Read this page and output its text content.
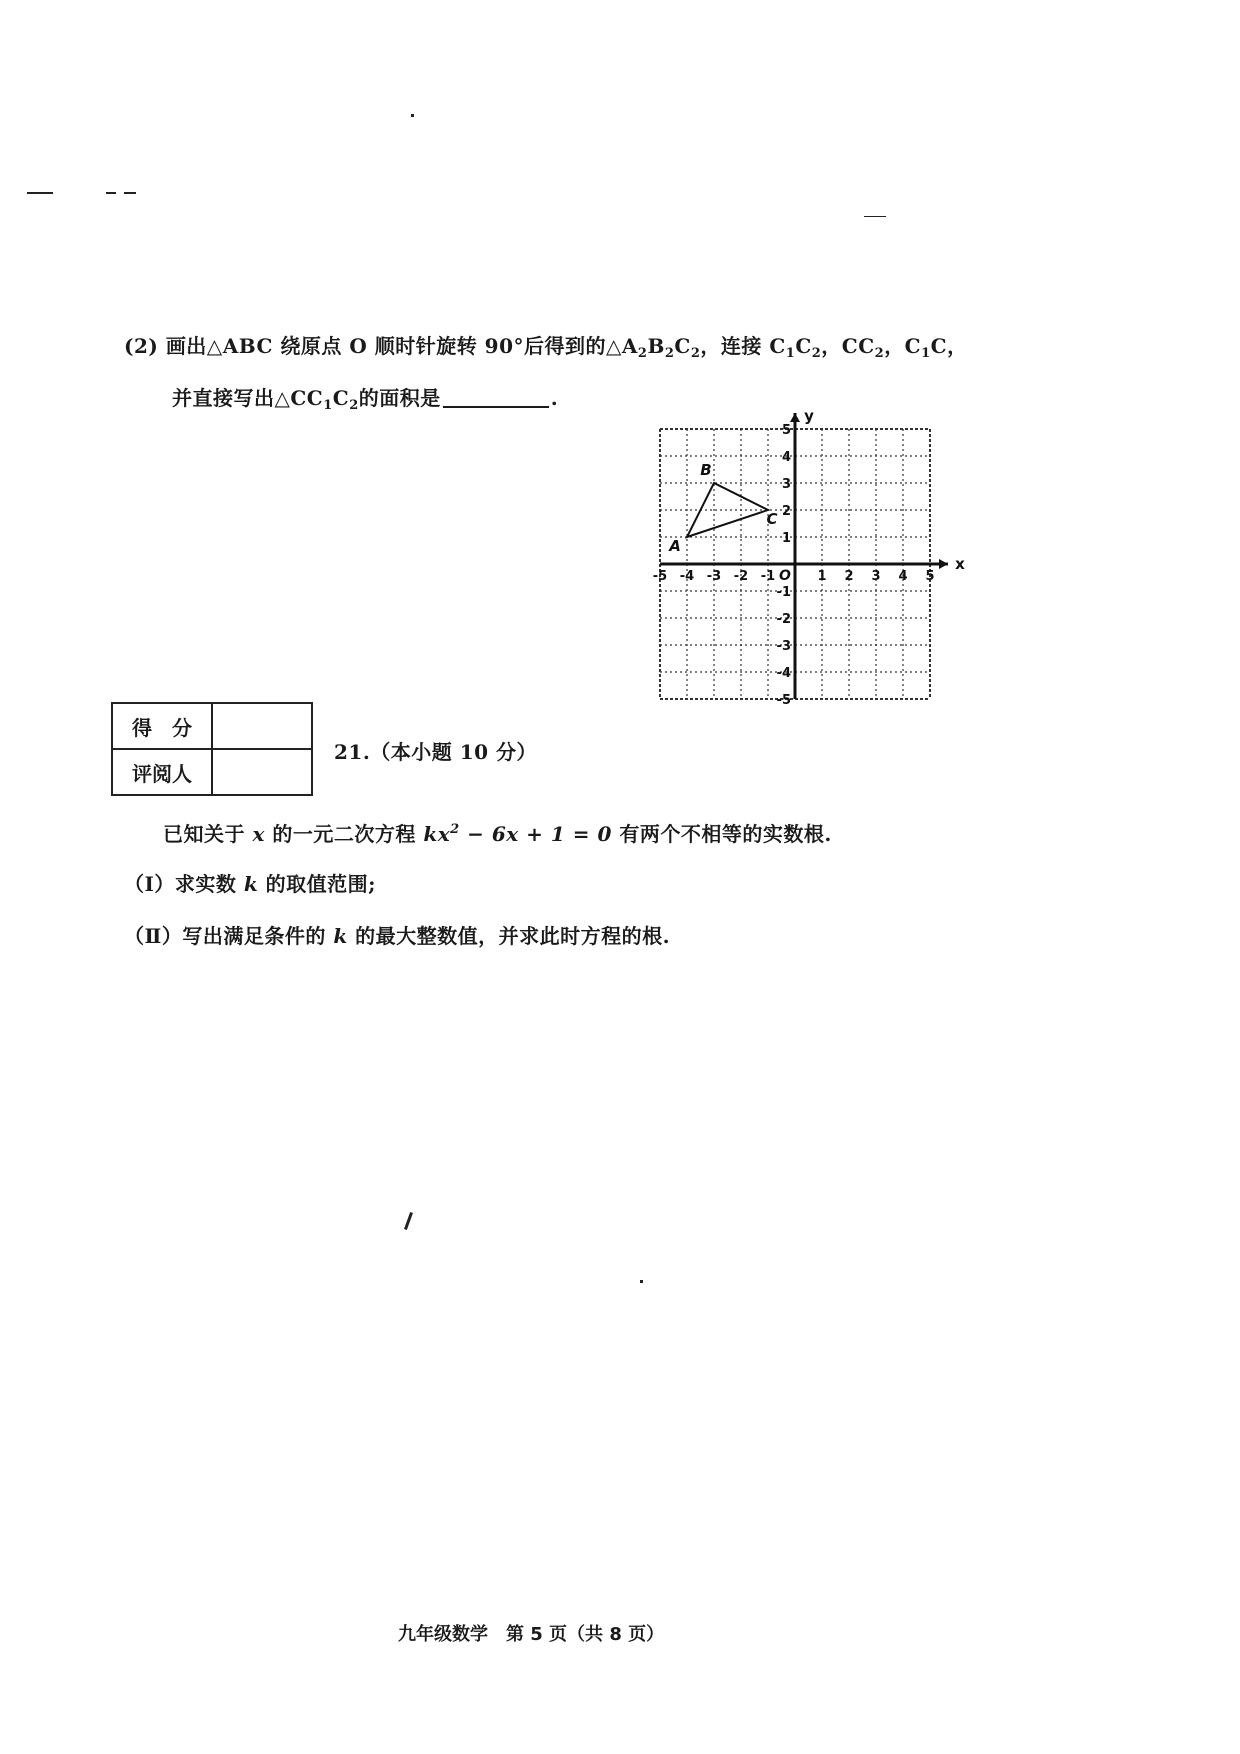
(2) 画出△ABC 绕原点 O 顺时针旋转 90°后得到的$\triangle A_2B_2C_2$，连接 $C_1C_2$，$CC_2$，$C_1C$，
并直接写出$\triangle CC_1C_2$的面积是	.
x
y
O
-5 -4 -3 -2 -1	1 2 3 4 5
5
4
3
2
1
-1
-2
-3
-4
-5
A
B
C
得　分	
评阅人	
21.（本小题 10 分）
已知关于 x 的一元二次方程 $kx^2 - 6x + 1 = 0$ 有两个不相等的实数根.
（Ⅰ）求实数 k 的取值范围;
（Ⅱ）写出满足条件的 k 的最大整数值，并求此时方程的根.
九年级数学　第 5 页（共 8 页）
